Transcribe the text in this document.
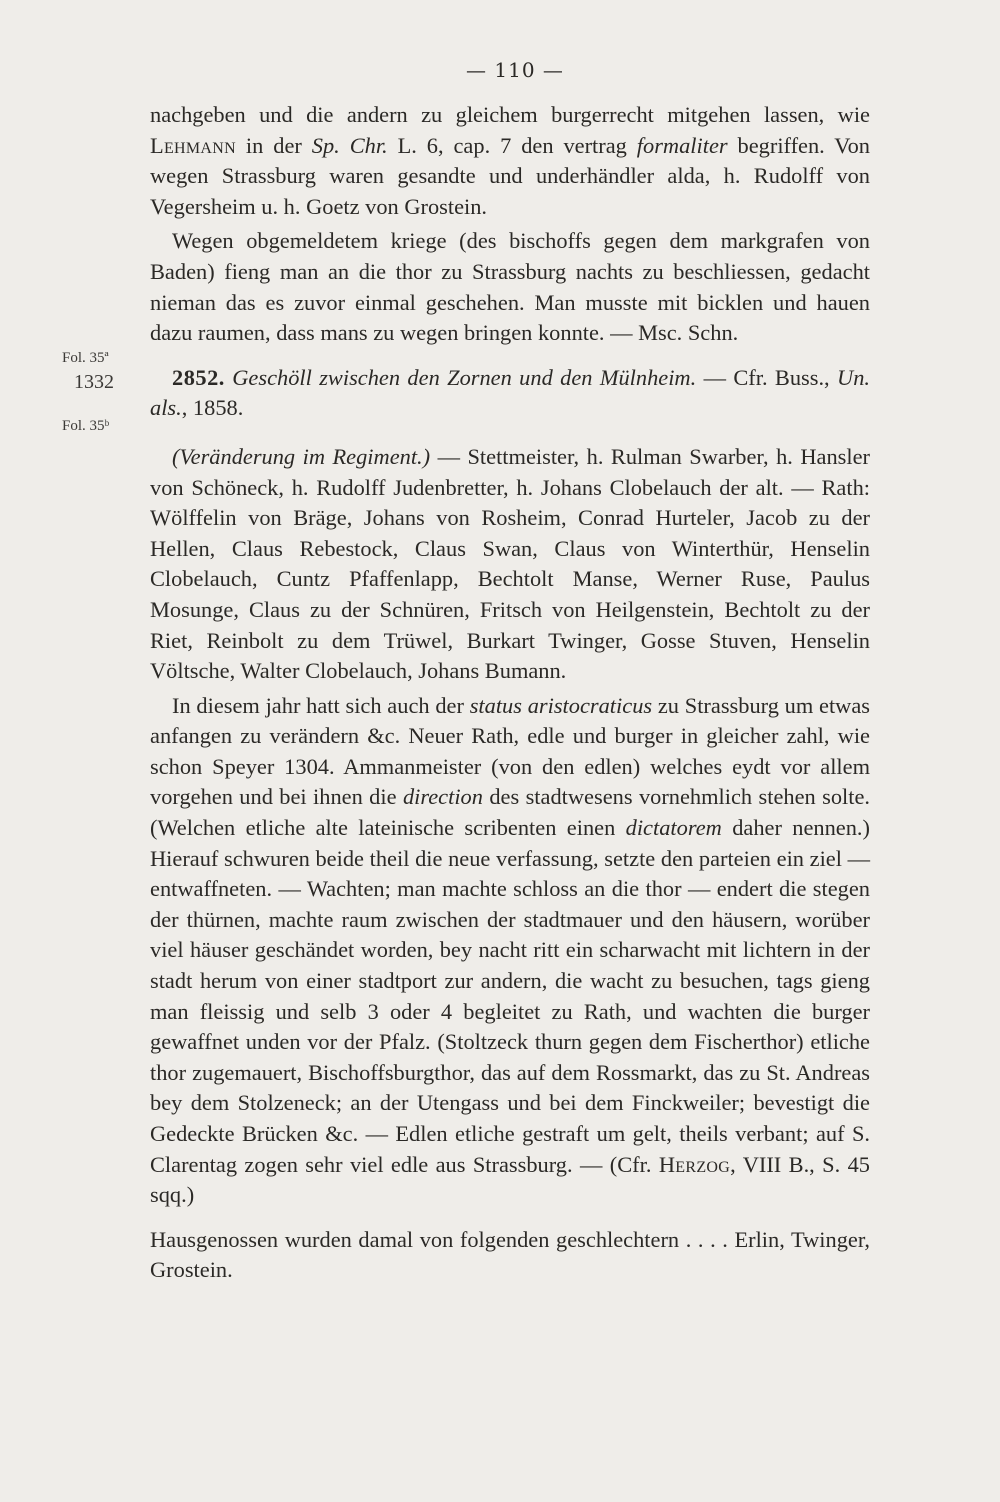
— 110 —
Fol. 35ª
1332
Fol. 35ᵇ

nachgeben und die andern zu gleichem burgerrecht mitgehen lassen, wie Lehmann in der Sp. Chr. L. 6, cap. 7 den vertrag formaliter begriffen. Von wegen Strassburg waren gesandte und underhändler alda, h. Rudolff von Vegersheim u. h. Goetz von Grostein.

Wegen obgemeldetem kriege (des bischoffs gegen dem markgrafen von Baden) fieng man an die thor zu Strassburg nachts zu beschliessen, gedacht nieman das es zuvor einmal geschehen. Man musste mit bicklen und hauen dazu raumen, dass mans zu wegen bringen konnte. — Msc. Schn.

2852. Geschöll zwischen den Zornen und den Mülnheim. — Cfr. Buss., Un. als., 1858.

(Veränderung im Regiment.) — Stettmeister, h. Rulman Swarber, h. Hansler von Schöneck, h. Rudolff Judenbretter, h. Johans Clobelauch der alt. — Rath: Wölffelin von Bräge, Johans von Rosheim, Conrad Hurteler, Jacob zu der Hellen, Claus Rebestock, Claus Swan, Claus von Winterthür, Henselin Clobelauch, Cuntz Pfaffenlapp, Bechtolt Manse, Werner Ruse, Paulus Mosunge, Claus zu der Schnüren, Fritsch von Heilgenstein, Bechtolt zu der Riet, Reinbolt zu dem Trüwel, Burkart Twinger, Gosse Stuven, Henselin Völtsche, Walter Clobelauch, Johans Bumann.

In diesem jahr hatt sich auch der status aristocraticus zu Strassburg um etwas anfangen zu verändern &c. Neuer Rath, edle und burger in gleicher zahl, wie schon Speyer 1304. Ammanmeister (von den edlen) welches eydt vor allem vorgehen und bei ihnen die direction des stadtwesens vornehmlich stehen solte. (Welchen etliche alte lateinische scribenten einen dictatorem daher nennen.) Hierauf schwuren beide theil die neue verfassung, setzte den parteien ein ziel — entwaffneten. — Wachten; man machte schloss an die thor — endert die stegen der thürnen, machte raum zwischen der stadtmauer und den häusern, worüber viel häuser geschändet worden, bey nacht ritt ein scharwacht mit lichtern in der stadt herum von einer stadtport zur andern, die wacht zu besuchen, tags gieng man fleissig und selb 3 oder 4 begleitet zu Rath, und wachten die burger gewaffnet unden vor der Pfalz. (Stoltzeck thurn gegen dem Fischerthor) etliche thor zugemauert, Bischoffsburgthor, das auf dem Rossmarkt, das zu St. Andreas bey dem Stolzeneck; an der Utengass und bei dem Finckweiler; bevestigt die Gedeckte Brücken &c. — Edlen etliche gestraft um gelt, theils verbant; auf S. Clarentag zogen sehr viel edle aus Strassburg. — (Cfr. Herzog, VIII B., S. 45 sqq.)

Hausgenossen wurden damal von folgenden geschlechtern . . . . Erlin, Twinger, Grostein.
